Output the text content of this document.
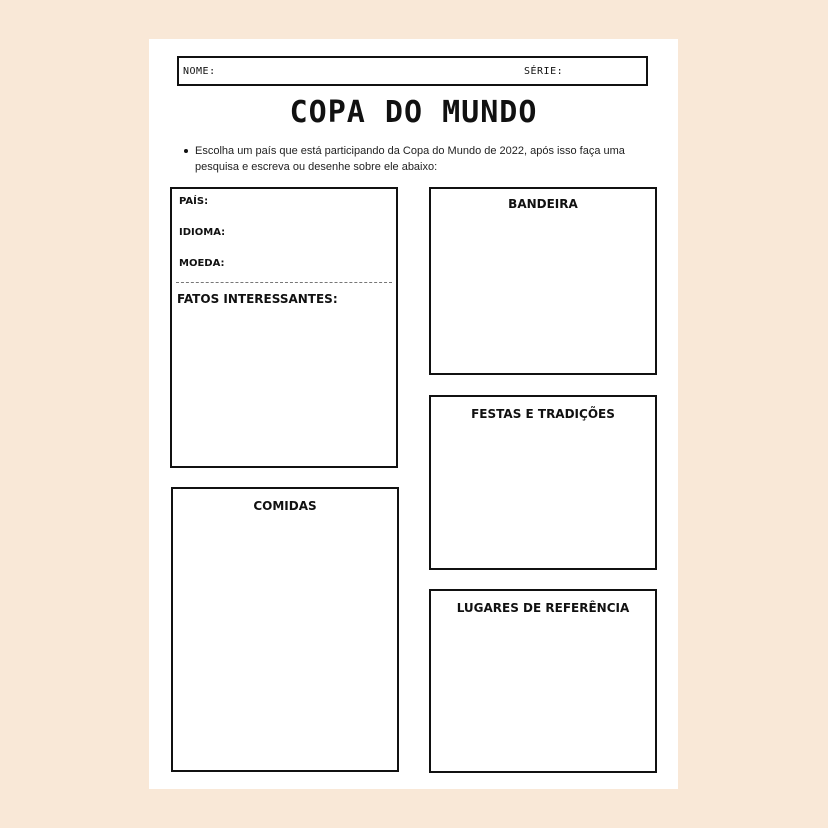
NOME:	SÉRIE:
COPA DO MUNDO
Escolha um país que está participando da Copa do Mundo de 2022, após isso faça uma pesquisa e escreva ou desenhe sobre ele abaixo:
PAÍS:
IDIOMA:
MOEDA:
FATOS INTERESSANTES:
BANDEIRA
FESTAS E TRADIÇÕES
COMIDAS
LUGARES DE REFERÊNCIA
